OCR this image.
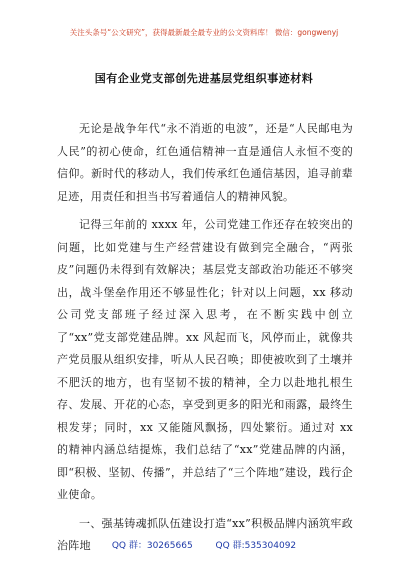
关注头条号“公文研究”，获得最新最全最专业的公文资料库！ 微信：gongwenyj
国有企业党支部创先进基层党组织事迹材料

无论是战争年代“永不消逝的电波”，还是“人民邮电为人民”的初心使命，红色通信精神一直是通信人永恒不变的信仰。新时代的移动人，我们传承红色通信基因，追寻前辈足迹，用责任和担当书写着通信人的精神风貌。

记得三年前的 xxxx 年，公司党建工作还存在较突出的问题，比如党建与生产经营建设有做到完全融合，“两张皮”问题仍未得到有效解决；基层党支部政治功能还不够突出，战斗堡垒作用还不够显性化；针对以上问题，xx 移动公司党支部班子经过深入思考，在不断实践中创立了“xx”党支部党建品牌。xx 风起而飞，风停而止，就像共产党员服从组织安排，听从人民召唤；即使被吹到了土壤并不肥沃的地方，也有坚韧不拔的精神，全力以赴地扎根生存、发展、开花的心态，享受到更多的阳光和雨露，最终生根发芽；同时，xx 又能随风飘扬，四处繁衍。通过对 xx 的精神内涵总结提炼，我们总结了“xx”党建品牌的内涵，即“积极、坚韧、传播”，并总结了“三个阵地”建设，践行企业使命。

一、强基铸魂抓队伍建设打造“xx”积极品牌内涵筑牢政治阵地	QQ 群：30265665	QQ 群:535304092
